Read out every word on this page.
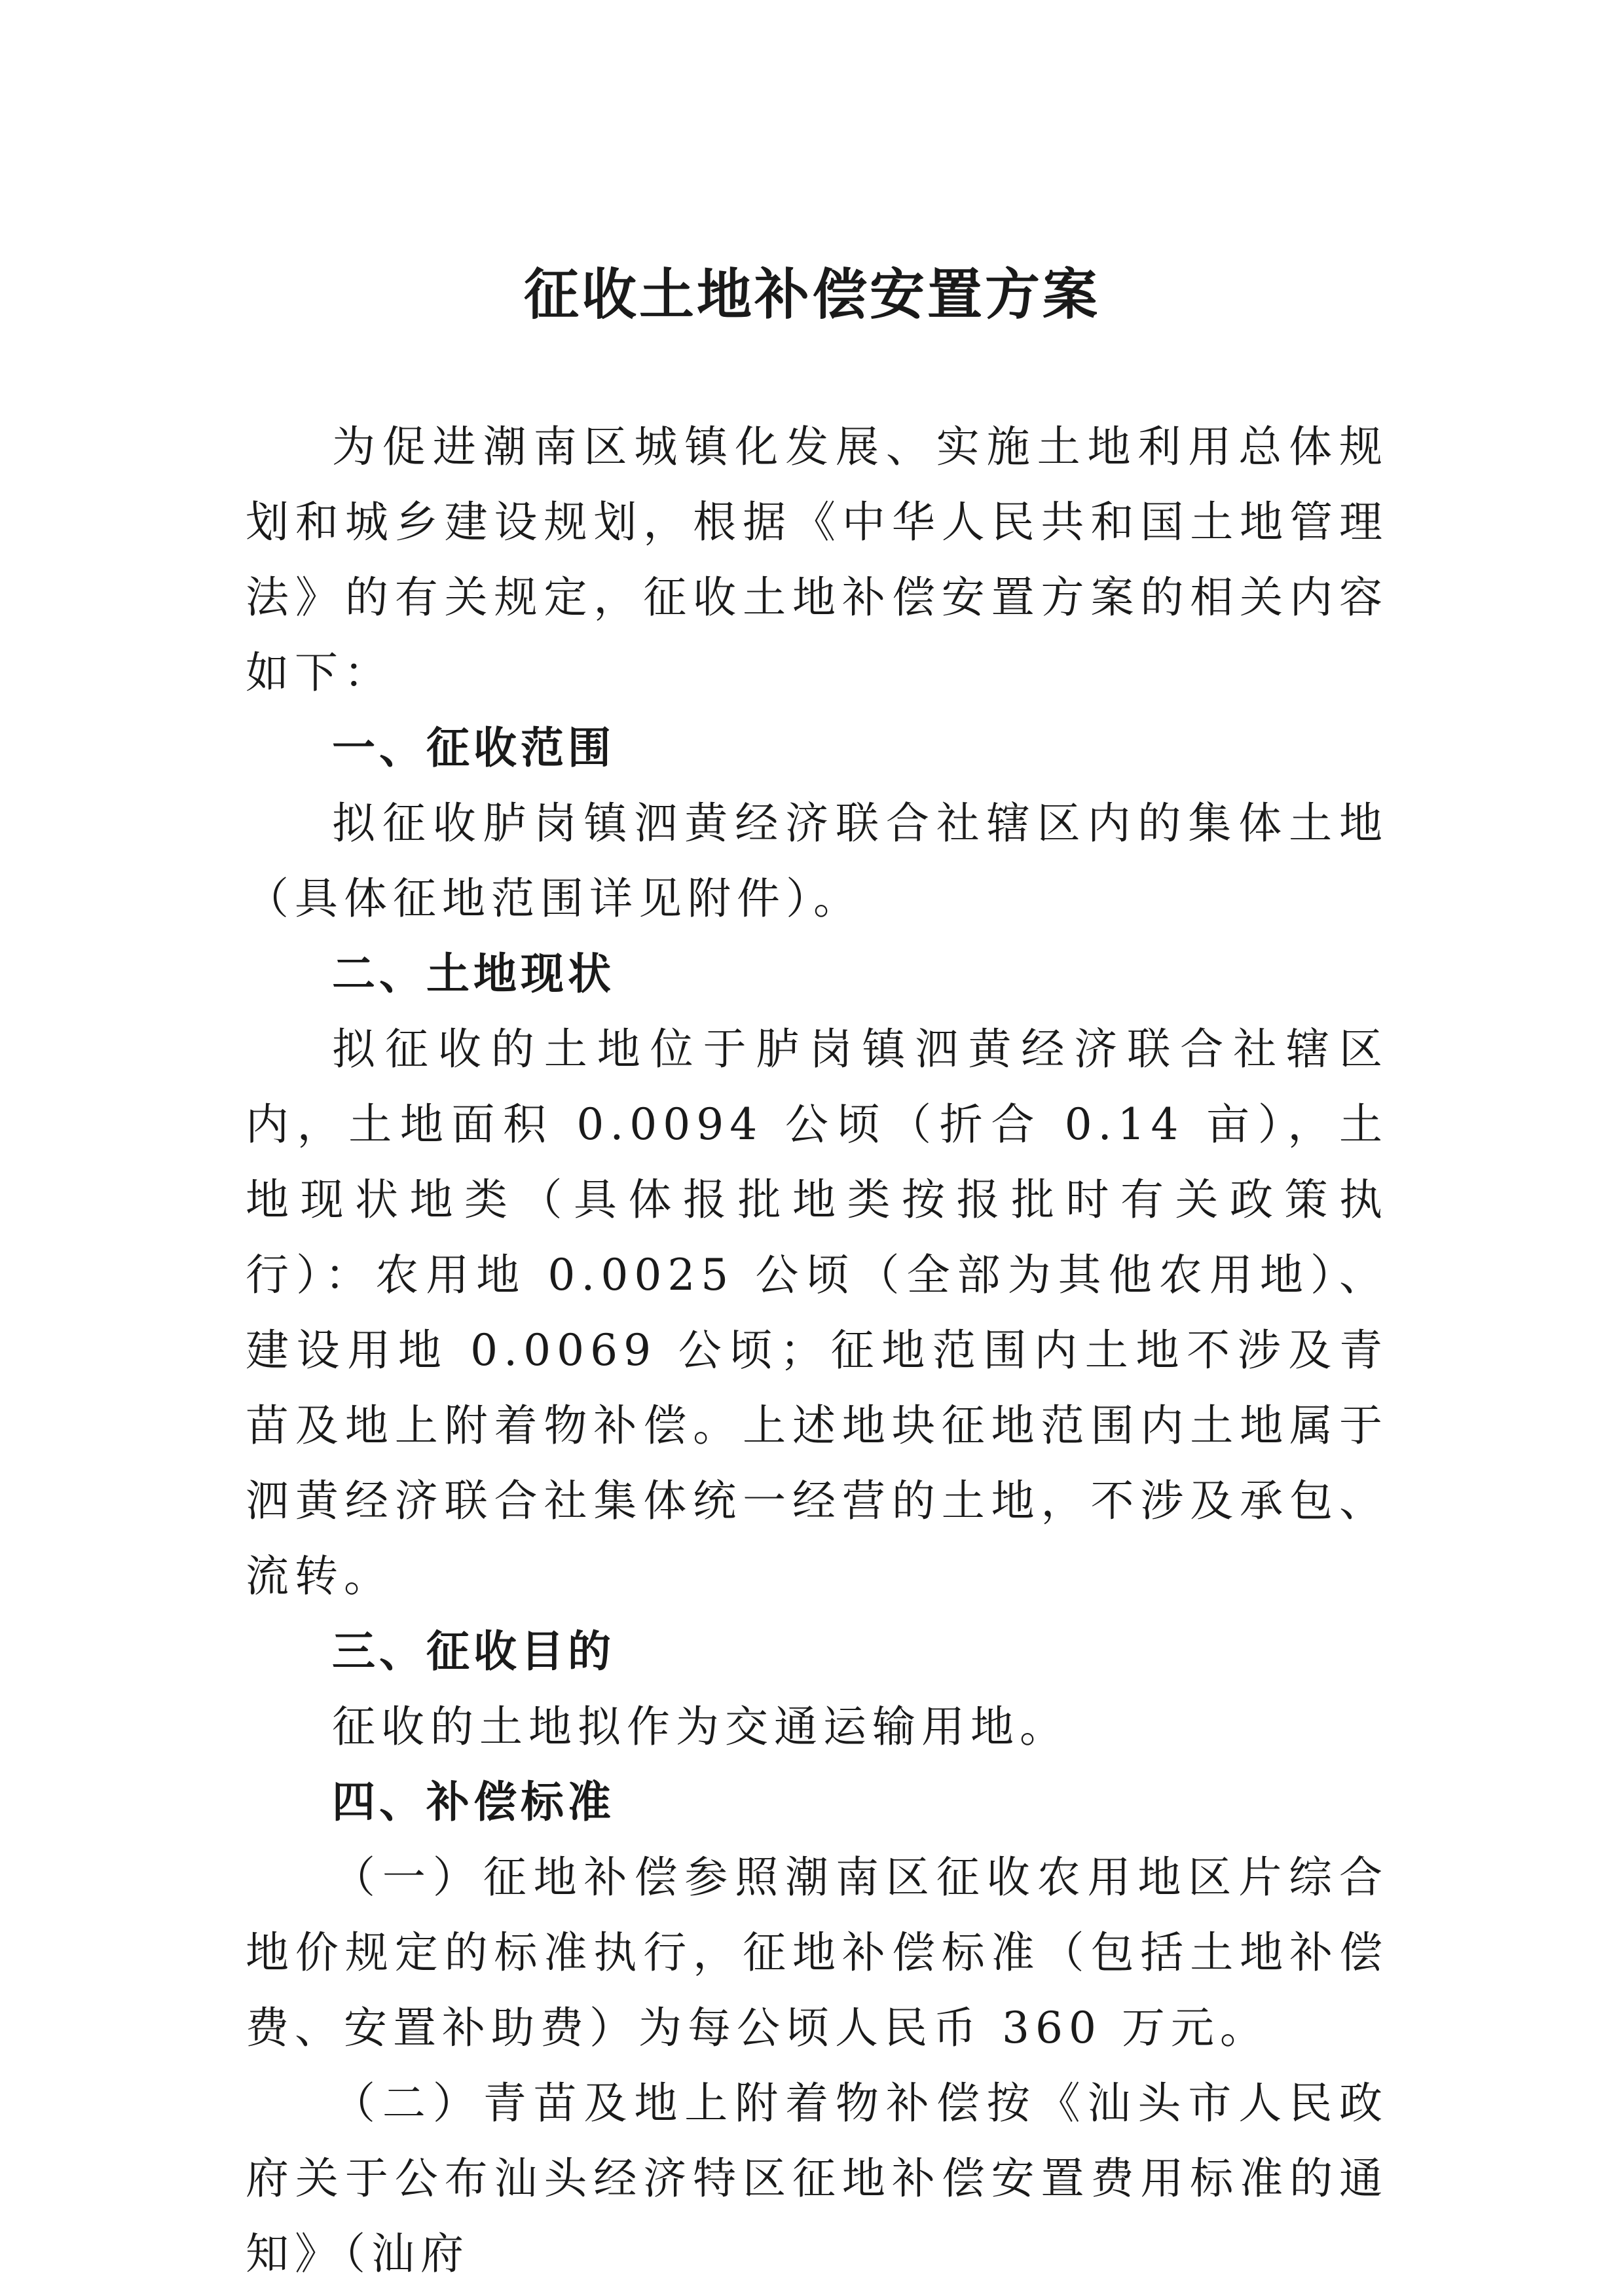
征收土地补偿安置方案

为促进潮南区城镇化发展、实施土地利用总体规划和城乡建设规划，根据《中华人民共和国土地管理法》的有关规定，征收土地补偿安置方案的相关内容如下：

一、征收范围

拟征收胪岗镇泗黄经济联合社辖区内的集体土地（具体征地范围详见附件）。

二、土地现状

拟征收的土地位于胪岗镇泗黄经济联合社辖区内，土地面积 0.0094 公顷（折合 0.14 亩），土地现状地类（具体报批地类按报批时有关政策执行）：农用地 0.0025 公顷（全部为其他农用地）、建设用地 0.0069 公顷；征地范围内土地不涉及青苗及地上附着物补偿。上述地块征地范围内土地属于泗黄经济联合社集体统一经营的土地，不涉及承包、流转。

三、征收目的

征收的土地拟作为交通运输用地。

四、补偿标准

（一）征地补偿参照潮南区征收农用地区片综合地价规定的标准执行，征地补偿标准（包括土地补偿费、安置补助费）为每公顷人民币 360 万元。

（二）青苗及地上附着物补偿按《汕头市人民政府关于公布汕头经济特区征地补偿安置费用标准的通知》（汕府
